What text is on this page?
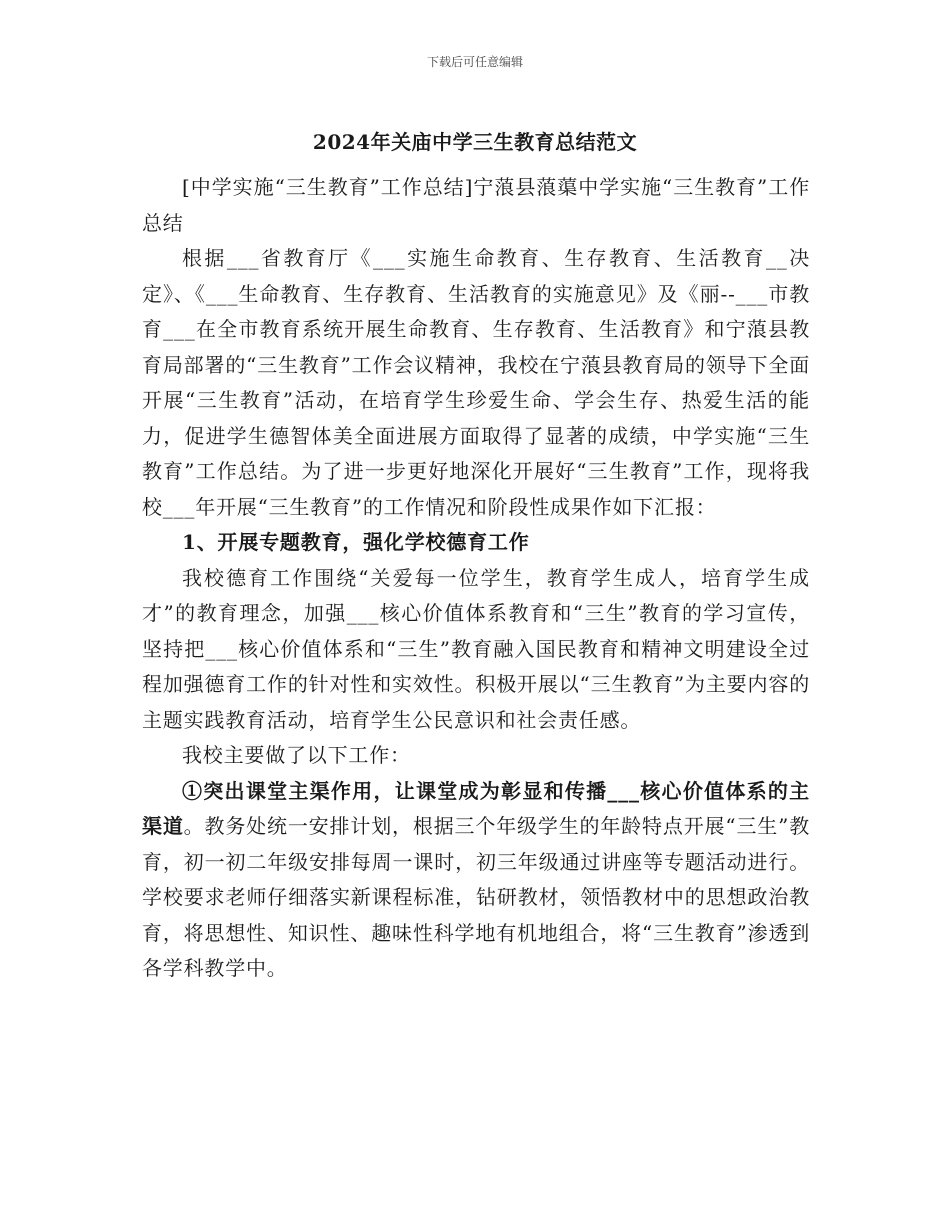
下载后可任意编辑
2024年关庙中学三生教育总结范文

[中学实施“三生教育”工作总结]宁蒗县蒗蕖中学实施“三生教育”工作总结

根据___省教育厅《___实施生命教育、生存教育、生活教育__决定》、《___生命教育、生存教育、生活教育的实施意见》及《丽--___市教育___在全市教育系统开展生命教育、生存教育、生活教育》和宁蒗县教育局部署的“三生教育”工作会议精神，我校在宁蒗县教育局的领导下全面开展“三生教育”活动，在培育学生珍爱生命、学会生存、热爱生活的能力，促进学生德智体美全面进展方面取得了显著的成绩，中学实施“三生教育”工作总结。为了进一步更好地深化开展好“三生教育”工作，现将我校___年开展“三生教育”的工作情况和阶段性成果作如下汇报：

1、开展专题教育，强化学校德育工作

我校德育工作围绕“关爱每一位学生，教育学生成人，培育学生成才”的教育理念，加强___核心价值体系教育和“三生”教育的学习宣传，坚持把___核心价值体系和“三生”教育融入国民教育和精神文明建设全过程加强德育工作的针对性和实效性。积极开展以“三生教育”为主要内容的主题实践教育活动，培育学生公民意识和社会责任感。

我校主要做了以下工作：

①突出课堂主渠作用，让课堂成为彰显和传播___核心价值体系的主渠道。教务处统一安排计划，根据三个年级学生的年龄特点开展“三生”教育，初一初二年级安排每周一课时，初三年级通过讲座等专题活动进行。学校要求老师仔细落实新课程标准，钻研教材，领悟教材中的思想政治教育，将思想性、知识性、趣味性科学地有机地组合，将“三生教育”渗透到各学科教学中。
